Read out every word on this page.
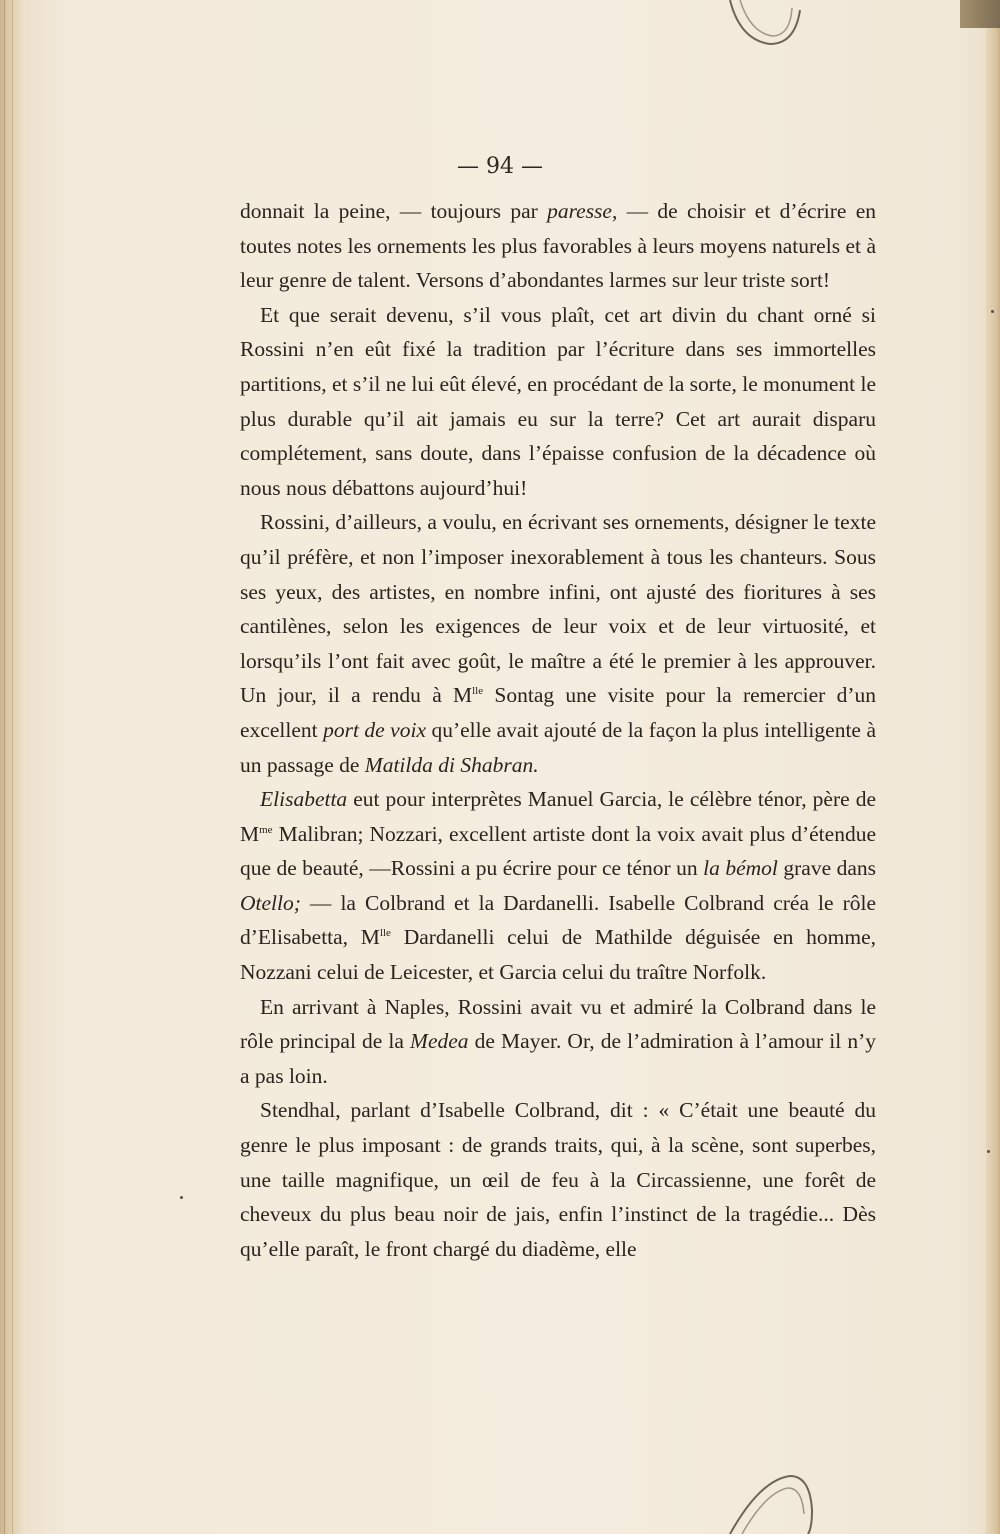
— 94 —

donnait la peine, — toujours par paresse, — de choisir et d’écrire en toutes notes les ornements les plus favorables à leurs moyens naturels et à leur genre de talent. Versons d’abondantes larmes sur leur triste sort!

Et que serait devenu, s’il vous plaît, cet art divin du chant orné si Rossini n’en eût fixé la tradition par l’écriture dans ses immortelles partitions, et s’il ne lui eût élevé, en procédant de la sorte, le monument le plus durable qu’il ait jamais eu sur la terre? Cet art aurait disparu complétement, sans doute, dans l’épaisse confusion de la décadence où nous nous débattons aujourd’hui!

Rossini, d’ailleurs, a voulu, en écrivant ses ornements, désigner le texte qu’il préfère, et non l’imposer inexorablement à tous les chanteurs. Sous ses yeux, des artistes, en nombre infini, ont ajusté des fioritures à ses cantilènes, selon les exigences de leur voix et de leur virtuosité, et lorsqu’ils l’ont fait avec goût, le maître a été le premier à les approuver. Un jour, il a rendu à $M^{lle}$ Sontag une visite pour la remercier d’un excellent port de voix qu’elle avait ajouté de la façon la plus intelligente à un passage de Matilda di Shabran.

Elisabetta eut pour interprètes Manuel Garcia, le célèbre ténor, père de $M^{me}$ Malibran; Nozzari, excellent artiste dont la voix avait plus d’étendue que de beauté, —Rossini a pu écrire pour ce ténor un la bémol grave dans Otello; — la Colbrand et la Dardanelli. Isabelle Colbrand créa le rôle d’Elisabetta, $M^{lle}$ Dardanelli celui de Mathilde déguisée en homme, Nozzani celui de Leicester, et Garcia celui du traître Norfolk.

En arrivant à Naples, Rossini avait vu et admiré la Colbrand dans le rôle principal de la Medea de Mayer. Or, de l’admiration à l’amour il n’y a pas loin.

Stendhal, parlant d’Isabelle Colbrand, dit : « C’était une beauté du genre le plus imposant : de grands traits, qui, à la scène, sont superbes, une taille magnifique, un œil de feu à la Circassienne, une forêt de cheveux du plus beau noir de jais, enfin l’instinct de la tragédie... Dès qu’elle paraît, le front chargé du diadème, elle
